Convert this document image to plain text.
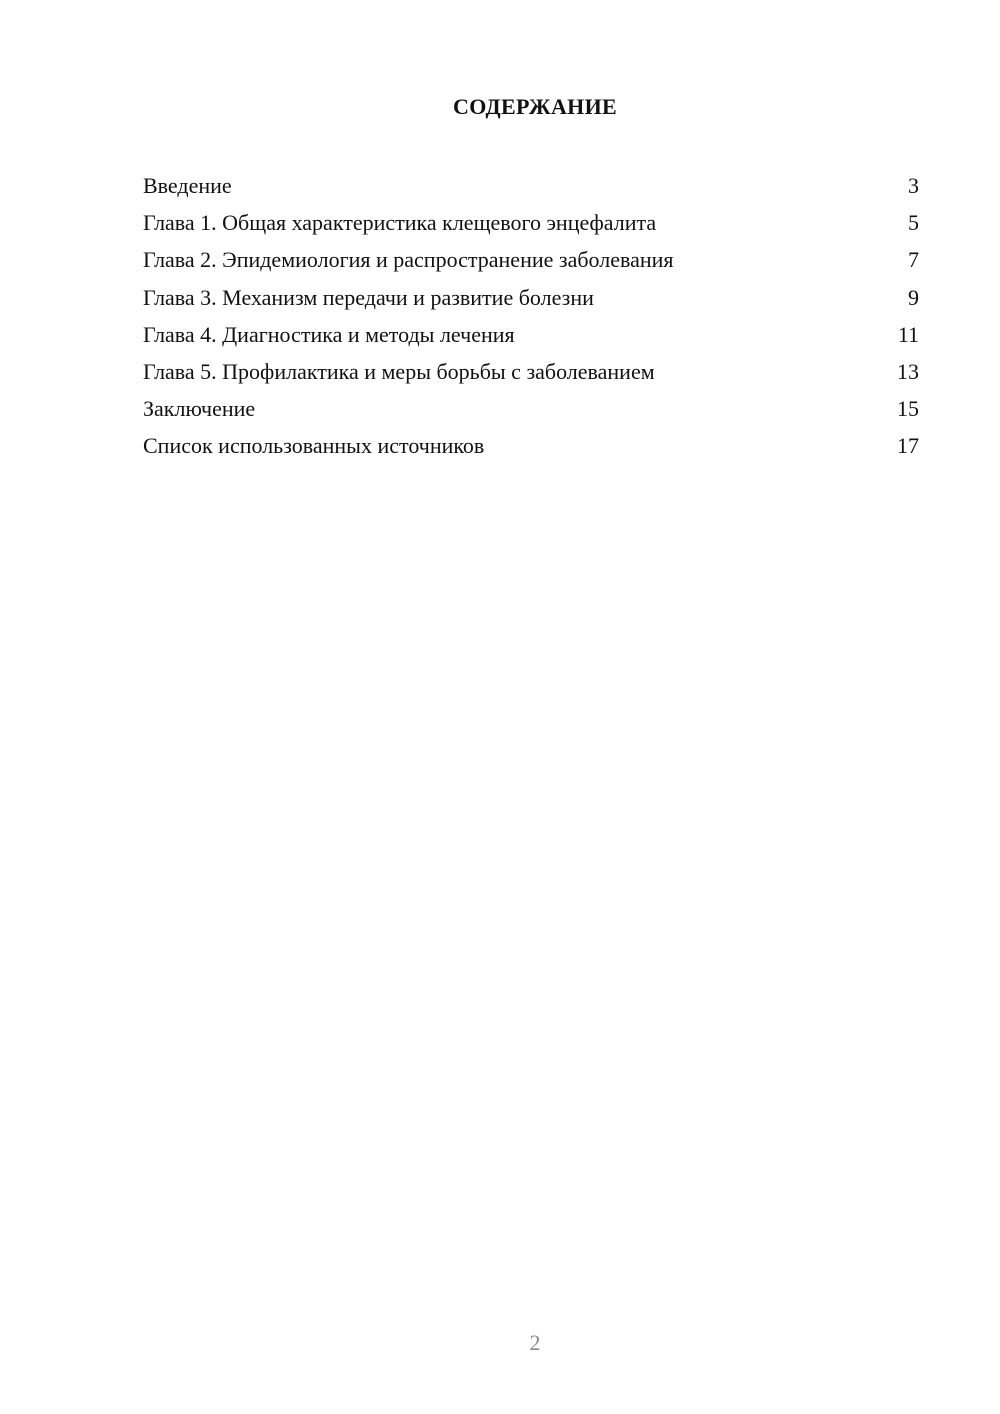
СОДЕРЖАНИЕ
Введение	3
Глава 1. Общая характеристика клещевого энцефалита	5
Глава 2. Эпидемиология и распространение заболевания	7
Глава 3. Механизм передачи и развитие болезни	9
Глава 4. Диагностика и методы лечения	11
Глава 5. Профилактика и меры борьбы с заболеванием	13
Заключение	15
Список использованных источников	17
2
